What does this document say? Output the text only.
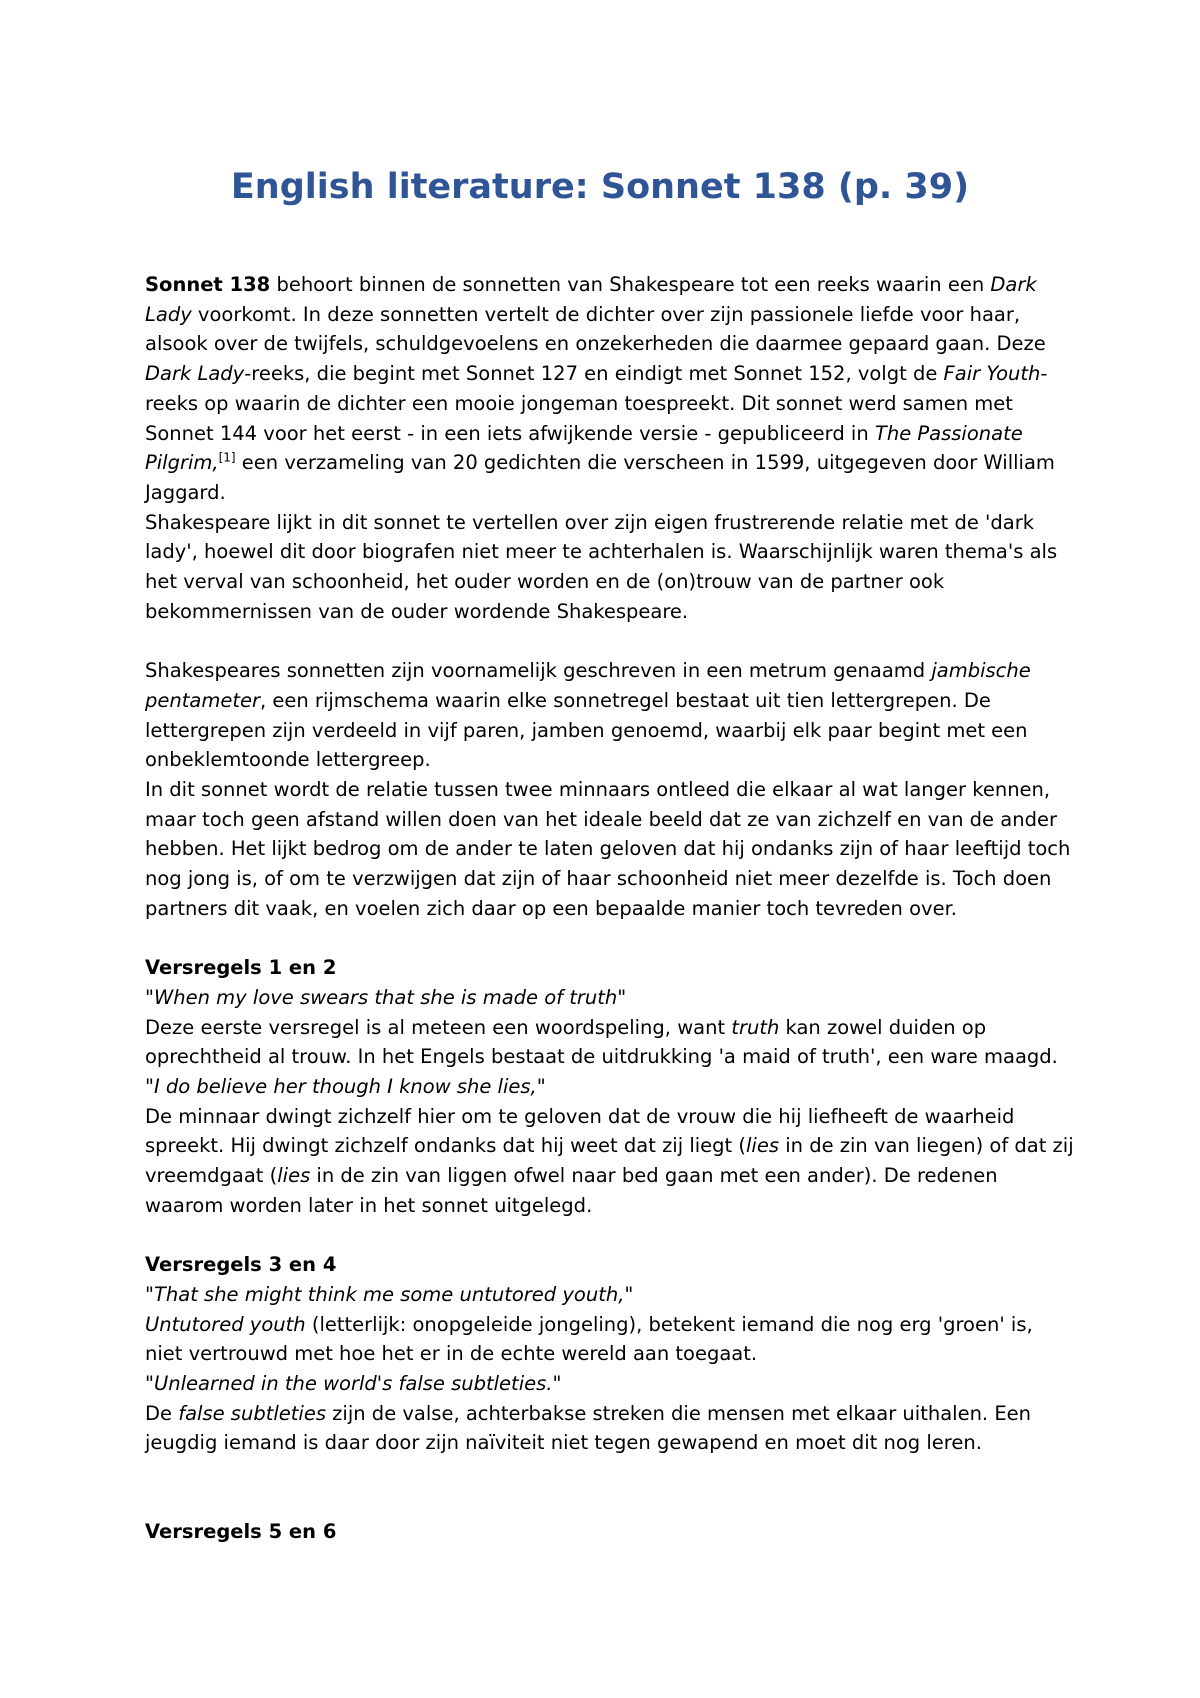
English literature: Sonnet 138 (p. 39)

Sonnet 138 behoort binnen de sonnetten van Shakespeare tot een reeks waarin een Dark Lady voorkomt. In deze sonnetten vertelt de dichter over zijn passionele liefde voor haar, alsook over de twijfels, schuldgevoelens en onzekerheden die daarmee gepaard gaan. Deze Dark Lady-reeks, die begint met Sonnet 127 en eindigt met Sonnet 152, volgt de Fair Youth-reeks op waarin de dichter een mooie jongeman toespreekt. Dit sonnet werd samen met Sonnet 144 voor het eerst - in een iets afwijkende versie - gepubliceerd in The Passionate Pilgrim,[1] een verzameling van 20 gedichten die verscheen in 1599, uitgegeven door William Jaggard.

Shakespeare lijkt in dit sonnet te vertellen over zijn eigen frustrerende relatie met de 'dark lady', hoewel dit door biografen niet meer te achterhalen is. Waarschijnlijk waren thema's als het verval van schoonheid, het ouder worden en de (on)trouw van de partner ook bekommernissen van de ouder wordende Shakespeare.

Shakespeares sonnetten zijn voornamelijk geschreven in een metrum genaamd jambische pentameter, een rijmschema waarin elke sonnetregel bestaat uit tien lettergrepen. De lettergrepen zijn verdeeld in vijf paren, jamben genoemd, waarbij elk paar begint met een onbeklemtoonde lettergreep.

In dit sonnet wordt de relatie tussen twee minnaars ontleed die elkaar al wat langer kennen, maar toch geen afstand willen doen van het ideale beeld dat ze van zichzelf en van de ander hebben. Het lijkt bedrog om de ander te laten geloven dat hij ondanks zijn of haar leeftijd toch nog jong is, of om te verzwijgen dat zijn of haar schoonheid niet meer dezelfde is. Toch doen partners dit vaak, en voelen zich daar op een bepaalde manier toch tevreden over.

Versregels 1 en 2

"When my love swears that she is made of truth"

Deze eerste versregel is al meteen een woordspeling, want truth kan zowel duiden op oprechtheid al trouw. In het Engels bestaat de uitdrukking 'a maid of truth', een ware maagd.

"I do believe her though I know she lies,"

De minnaar dwingt zichzelf hier om te geloven dat de vrouw die hij liefheeft de waarheid spreekt. Hij dwingt zichzelf ondanks dat hij weet dat zij liegt (lies in de zin van liegen) of dat zij vreemdgaat (lies in de zin van liggen ofwel naar bed gaan met een ander). De redenen waarom worden later in het sonnet uitgelegd.

Versregels 3 en 4

"That she might think me some untutored youth,"

Untutored youth (letterlijk: onopgeleide jongeling), betekent iemand die nog erg 'groen' is, niet vertrouwd met hoe het er in de echte wereld aan toegaat.

"Unlearned in the world's false subtleties."

De false subtleties zijn de valse, achterbakse streken die mensen met elkaar uithalen. Een jeugdig iemand is daar door zijn naïviteit niet tegen gewapend en moet dit nog leren.

Versregels 5 en 6
